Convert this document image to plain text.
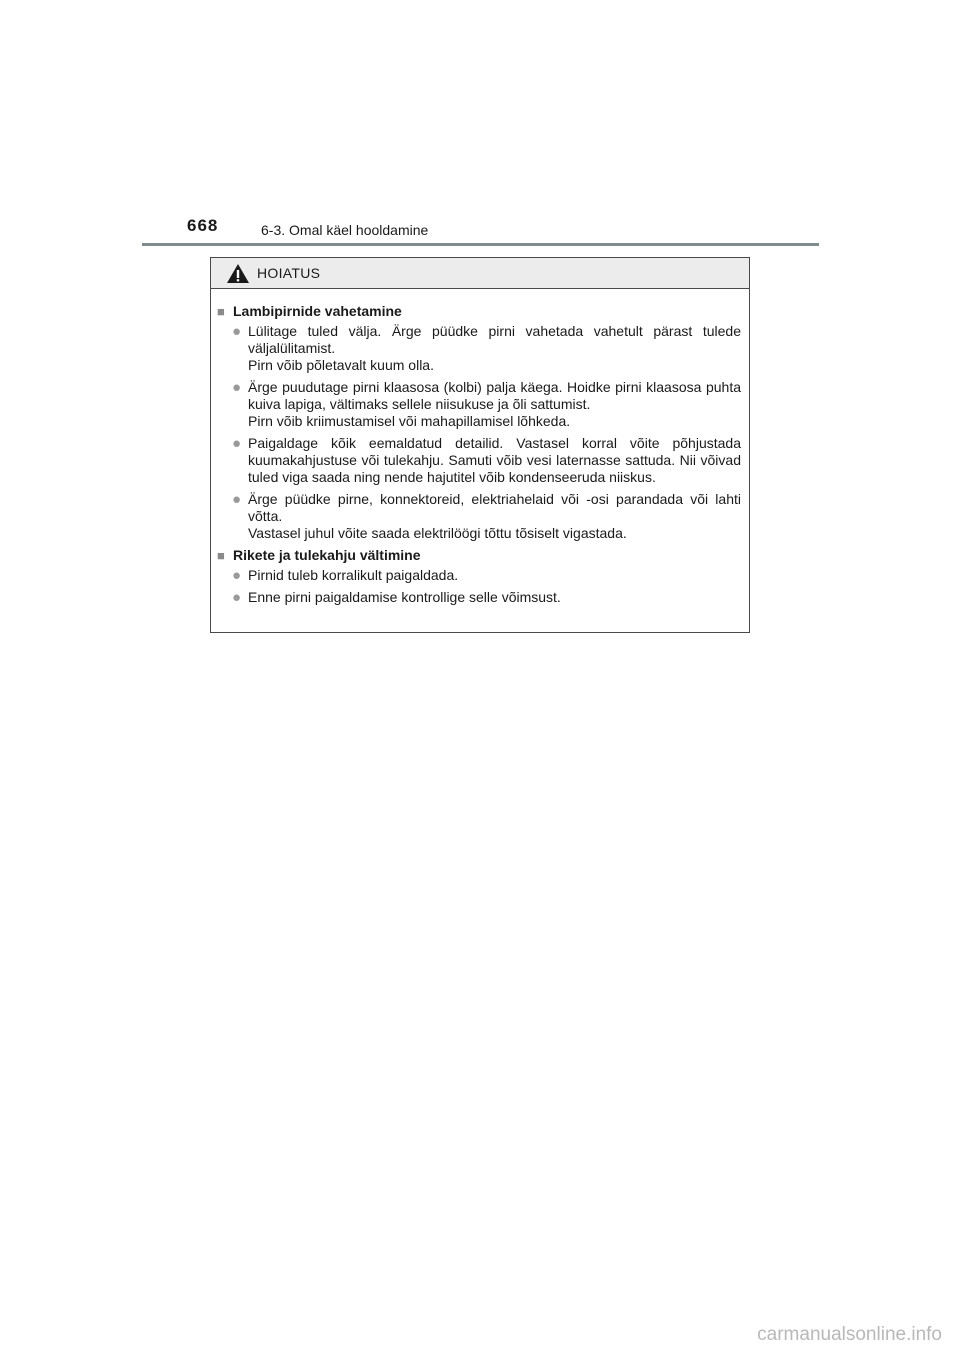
668	6-3. Omal käel hooldamine
HOIATUS
■ Lambipirnide vahetamine
● Lülitage tuled välja. Ärge püüdke pirni vahetada vahetult pärast tulede väljalülitamist.
Pirn võib põletavalt kuum olla.
● Ärge puudutage pirni klaasosa (kolbi) palja käega. Hoidke pirni klaasosa puhta kuiva lapiga, vältimaks sellele niisukuse ja õli sattumist.
Pirn võib kriimustamisel või mahapillamisel lõhkeda.
● Paigaldage kõik eemaldatud detailid. Vastasel korral võite põhjustada kuumakahjustuse või tulekahju. Samuti võib vesi laternasse sattuda. Nii võivad tuled viga saada ning nende hajutitel võib kondenseeruda niiskus.
● Ärge püüdke pirne, konnektoreid, elektriahelaid või -osi parandada või lahti võtta.
Vastasel juhul võite saada elektrilöögi tõttu tõsiselt vigastada.
■ Rikete ja tulekahju vältimine
● Pirnid tuleb korralikult paigaldada.
● Enne pirni paigaldamise kontrollige selle võimsust.
carmanualsonline.info
